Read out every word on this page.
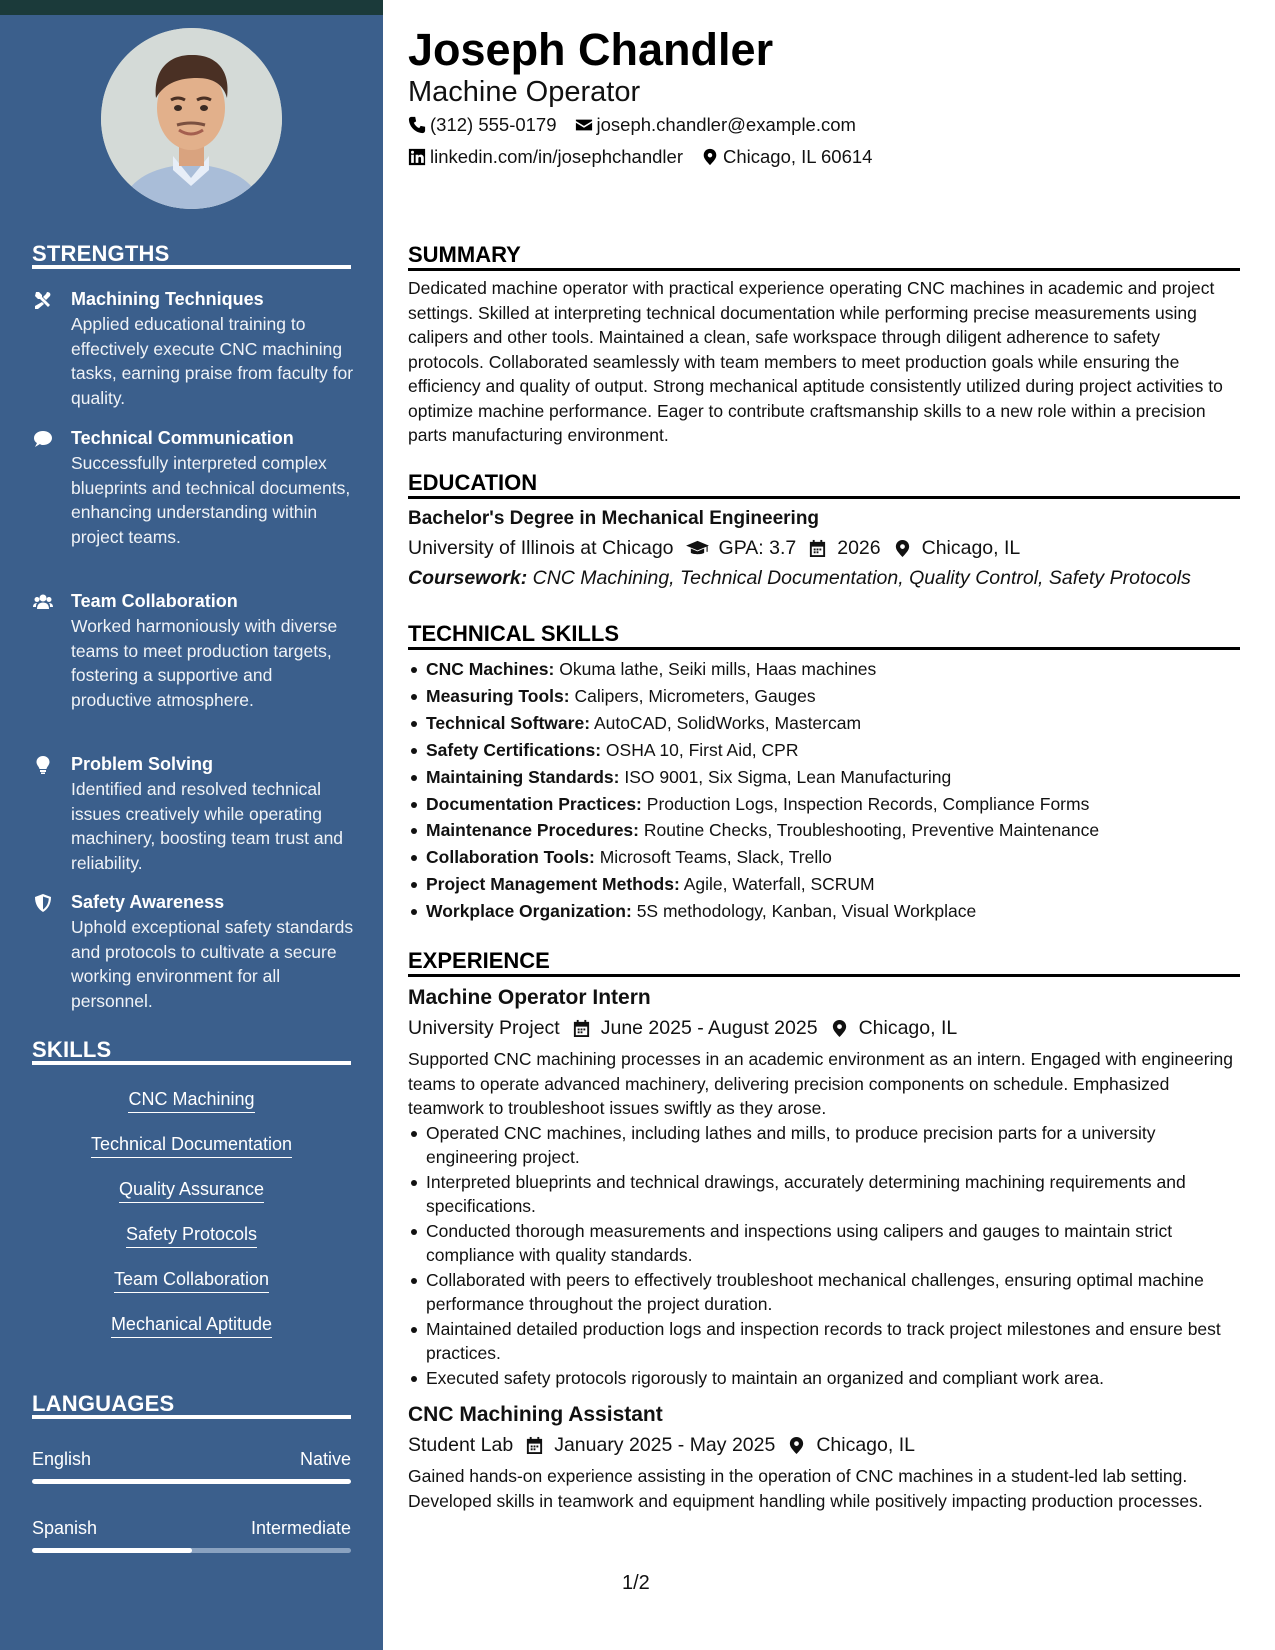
STRENGTHS
Machining Techniques
Applied educational training to effectively execute CNC machining tasks, earning praise from faculty for quality.
Technical Communication
Successfully interpreted complex blueprints and technical documents, enhancing understanding within project teams.
Team Collaboration
Worked harmoniously with diverse teams to meet production targets, fostering a supportive and productive atmosphere.
Problem Solving
Identified and resolved technical issues creatively while operating machinery, boosting team trust and reliability.
Safety Awareness
Uphold exceptional safety standards and protocols to cultivate a secure working environment for all personnel.
SKILLS
CNC Machining
Technical Documentation
Quality Assurance
Safety Protocols
Team Collaboration
Mechanical Aptitude
LANGUAGES
English	Native
Spanish	Intermediate
Joseph Chandler
Machine Operator
(312) 555-0179 joseph.chandler@example.com
linkedin.com/in/josephchandler Chicago, IL 60614
SUMMARY
Dedicated machine operator with practical experience operating CNC machines in academic and project settings. Skilled at interpreting technical documentation while performing precise measurements using calipers and other tools. Maintained a clean, safe workspace through diligent adherence to safety protocols. Collaborated seamlessly with team members to meet production goals while ensuring the efficiency and quality of output. Strong mechanical aptitude consistently utilized during project activities to optimize machine performance. Eager to contribute craftsmanship skills to a new role within a precision parts manufacturing environment.
EDUCATION
Bachelor's Degree in Mechanical Engineering
University of Illinois at Chicago GPA: 3.7 2026 Chicago, IL
Coursework: CNC Machining, Technical Documentation, Quality Control, Safety Protocols
TECHNICAL SKILLS
CNC Machines: Okuma lathe, Seiki mills, Haas machines
Measuring Tools: Calipers, Micrometers, Gauges
Technical Software: AutoCAD, SolidWorks, Mastercam
Safety Certifications: OSHA 10, First Aid, CPR
Maintaining Standards: ISO 9001, Six Sigma, Lean Manufacturing
Documentation Practices: Production Logs, Inspection Records, Compliance Forms
Maintenance Procedures: Routine Checks, Troubleshooting, Preventive Maintenance
Collaboration Tools: Microsoft Teams, Slack, Trello
Project Management Methods: Agile, Waterfall, SCRUM
Workplace Organization: 5S methodology, Kanban, Visual Workplace
EXPERIENCE
Machine Operator Intern
University Project June 2025 - August 2025 Chicago, IL
Supported CNC machining processes in an academic environment as an intern. Engaged with engineering teams to operate advanced machinery, delivering precision components on schedule. Emphasized teamwork to troubleshoot issues swiftly as they arose.
Operated CNC machines, including lathes and mills, to produce precision parts for a university engineering project.
Interpreted blueprints and technical drawings, accurately determining machining requirements and specifications.
Conducted thorough measurements and inspections using calipers and gauges to maintain strict compliance with quality standards.
Collaborated with peers to effectively troubleshoot mechanical challenges, ensuring optimal machine performance throughout the project duration.
Maintained detailed production logs and inspection records to track project milestones and ensure best practices.
Executed safety protocols rigorously to maintain an organized and compliant work area.
CNC Machining Assistant
Student Lab January 2025 - May 2025 Chicago, IL
Gained hands-on experience assisting in the operation of CNC machines in a student-led lab setting. Developed skills in teamwork and equipment handling while positively impacting production processes.
1/2
